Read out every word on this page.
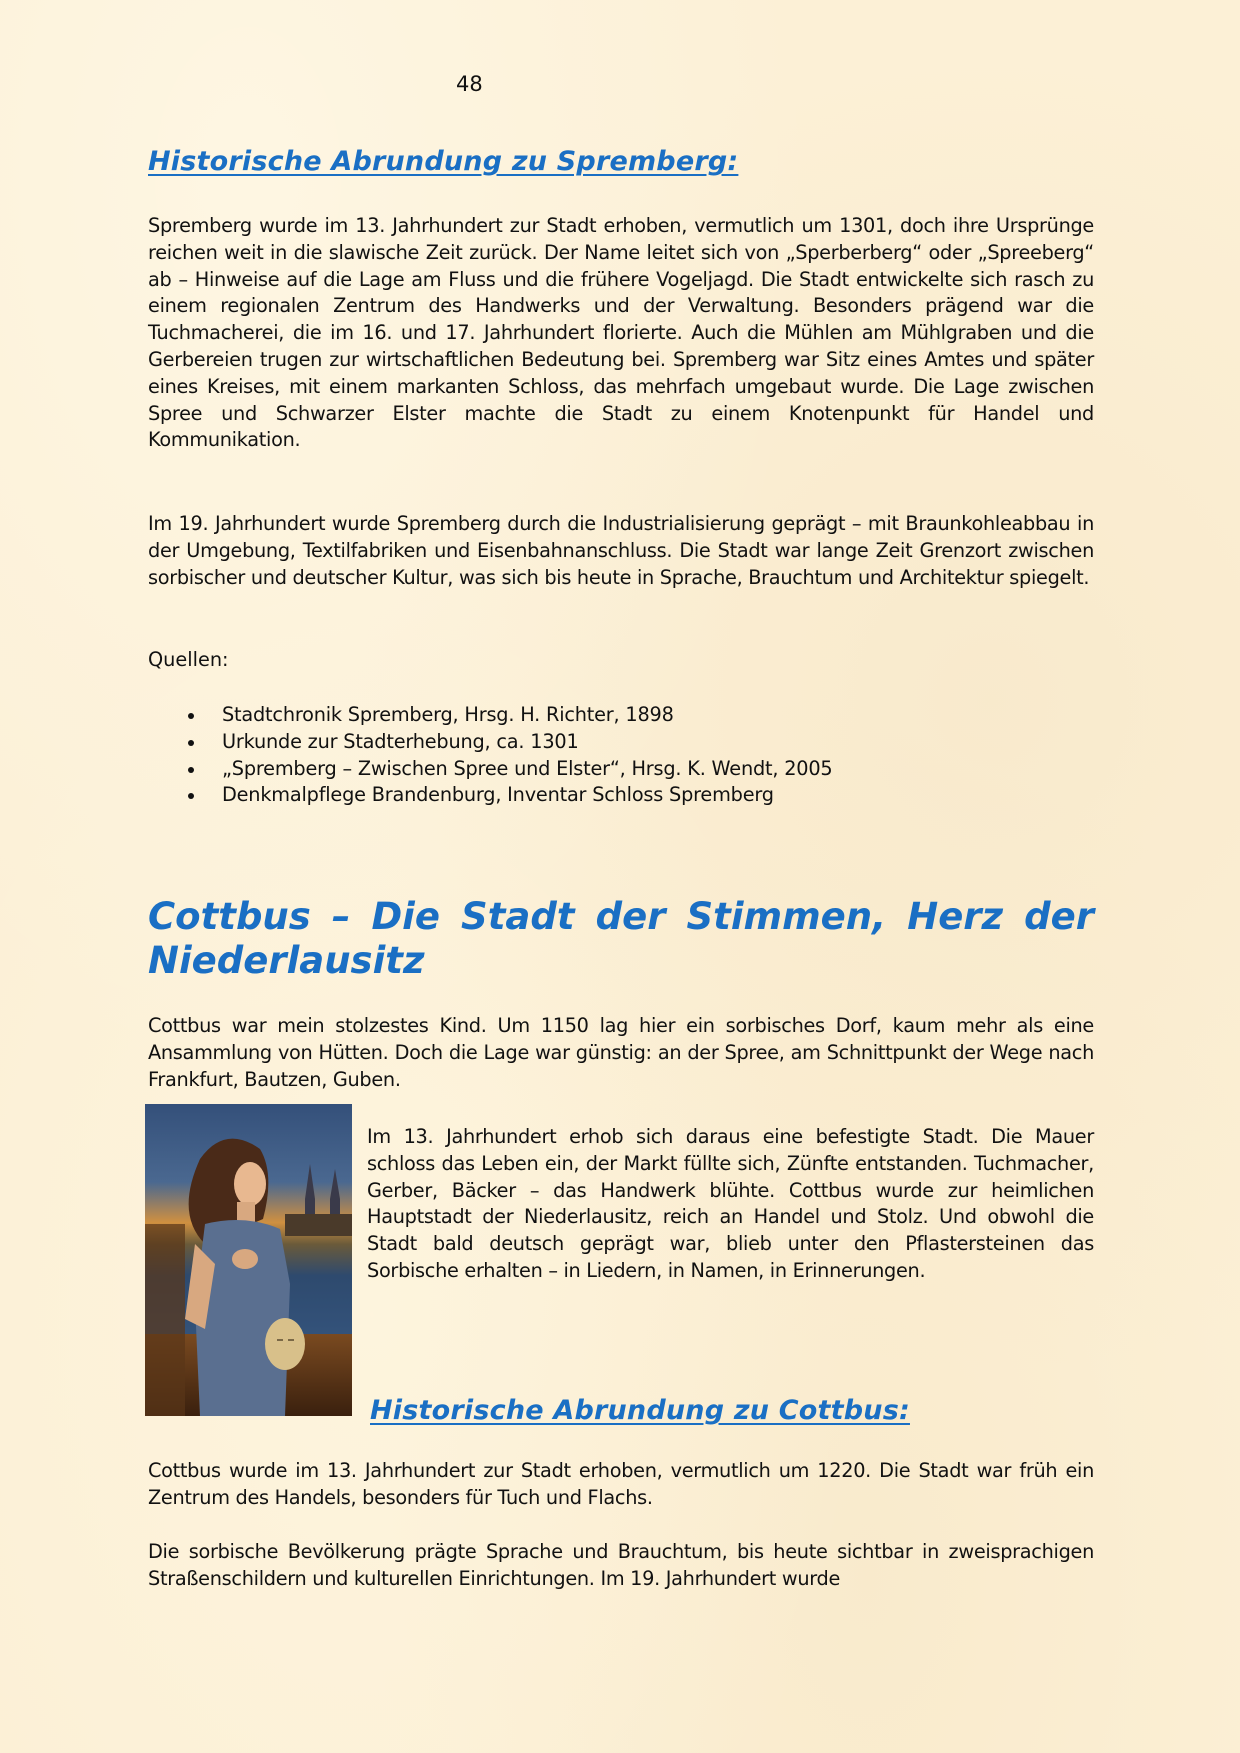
48
Historische Abrundung zu Spremberg:

Spremberg wurde im 13. Jahrhundert zur Stadt erhoben, vermutlich um 1301, doch ihre Ursprünge reichen weit in die slawische Zeit zurück. Der Name leitet sich von „Sperberberg“ oder „Spreeberg“ ab – Hinweise auf die Lage am Fluss und die frühere Vogeljagd. Die Stadt entwickelte sich rasch zu einem regionalen Zentrum des Handwerks und der Verwaltung. Besonders prägend war die Tuchmacherei, die im 16. und 17. Jahrhundert florierte. Auch die Mühlen am Mühlgraben und die Gerbereien trugen zur wirtschaftlichen Bedeutung bei. Spremberg war Sitz eines Amtes und später eines Kreises, mit einem markanten Schloss, das mehrfach umgebaut wurde. Die Lage zwischen Spree und Schwarzer Elster machte die Stadt zu einem Knotenpunkt für Handel und Kommunikation.

Im 19. Jahrhundert wurde Spremberg durch die Industrialisierung geprägt – mit Braunkohleabbau in der Umgebung, Textilfabriken und Eisenbahnanschluss. Die Stadt war lange Zeit Grenzort zwischen sorbischer und deutscher Kultur, was sich bis heute in Sprache, Brauchtum und Architektur spiegelt.

Quellen:
Stadtchronik Spremberg, Hrsg. H. Richter, 1898
Urkunde zur Stadterhebung, ca. 1301
„Spremberg – Zwischen Spree und Elster“, Hrsg. K. Wendt, 2005
Denkmalpflege Brandenburg, Inventar Schloss Spremberg
Cottbus – Die Stadt der Stimmen, Herz der Niederlausitz

Cottbus war mein stolzestes Kind. Um 1150 lag hier ein sorbisches Dorf, kaum mehr als eine Ansammlung von Hütten. Doch die Lage war günstig: an der Spree, am Schnittpunkt der Wege nach Frankfurt, Bautzen, Guben.

Im 13. Jahrhundert erhob sich daraus eine befestigte Stadt. Die Mauer schloss das Leben ein, der Markt füllte sich, Zünfte entstanden. Tuchmacher, Gerber, Bäcker – das Handwerk blühte. Cottbus wurde zur heimlichen Hauptstadt der Niederlausitz, reich an Handel und Stolz. Und obwohl die Stadt bald deutsch geprägt war, blieb unter den Pflastersteinen das Sorbische erhalten – in Liedern, in Namen, in Erinnerungen.

Historische Abrundung zu Cottbus:

Cottbus wurde im 13. Jahrhundert zur Stadt erhoben, vermutlich um 1220. Die Stadt war früh ein Zentrum des Handels, besonders für Tuch und Flachs.

Die sorbische Bevölkerung prägte Sprache und Brauchtum, bis heute sichtbar in zweisprachigen Straßenschildern und kulturellen Einrichtungen. Im 19. Jahrhundert wurde
